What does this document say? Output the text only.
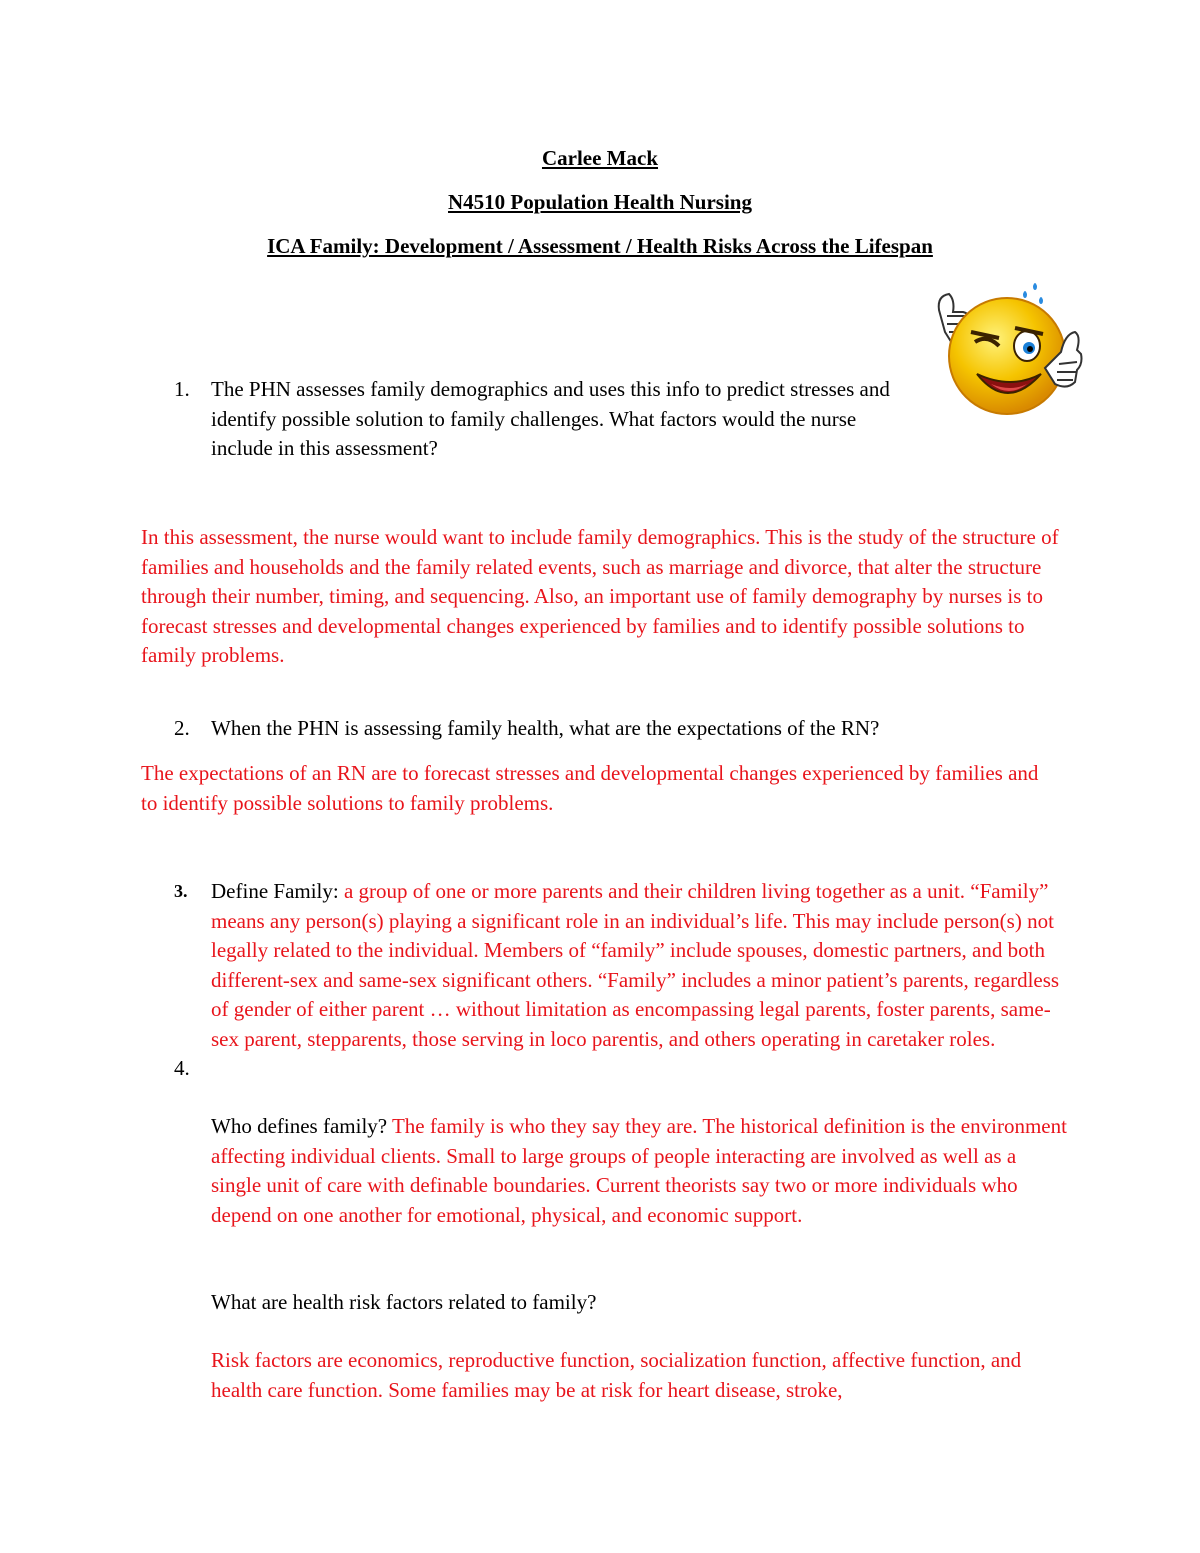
Carlee Mack
N4510 Population Health Nursing
ICA Family: Development / Assessment / Health Risks Across the Lifespan
1. The PHN assesses family demographics and uses this info to predict stresses and identify possible solution to family challenges. What factors would the nurse include in this assessment?

In this assessment, the nurse would want to include family demographics. This is the study of the structure of families and households and the family related events, such as marriage and divorce, that alter the structure through their number, timing, and sequencing. Also, an important use of family demography by nurses is to forecast stresses and developmental changes experienced by families and to identify possible solutions to family problems.

2. When the PHN is assessing family health, what are the expectations of the RN?

The expectations of an RN are to forecast stresses and developmental changes experienced by families and to identify possible solutions to family problems.

3. Define Family: a group of one or more parents and their children living together as a unit. “Family” means any person(s) playing a significant role in an individual’s life. This may include person(s) not legally related to the individual. Members of “family” include spouses, domestic partners, and both different-sex and same-sex significant others. “Family” includes a minor patient’s parents, regardless of gender of either parent … without limitation as encompassing legal parents, foster parents, same-sex parent, stepparents, those serving in loco parentis, and others operating in caretaker roles.

4.

Who defines family? The family is who they say they are. The historical definition is the environment affecting individual clients. Small to large groups of people interacting are involved as well as a single unit of care with definable boundaries. Current theorists say two or more individuals who depend on one another for emotional, physical, and economic support.

What are health risk factors related to family?

Risk factors are economics, reproductive function, socialization function, affective function, and health care function. Some families may be at risk for heart disease, stroke,
